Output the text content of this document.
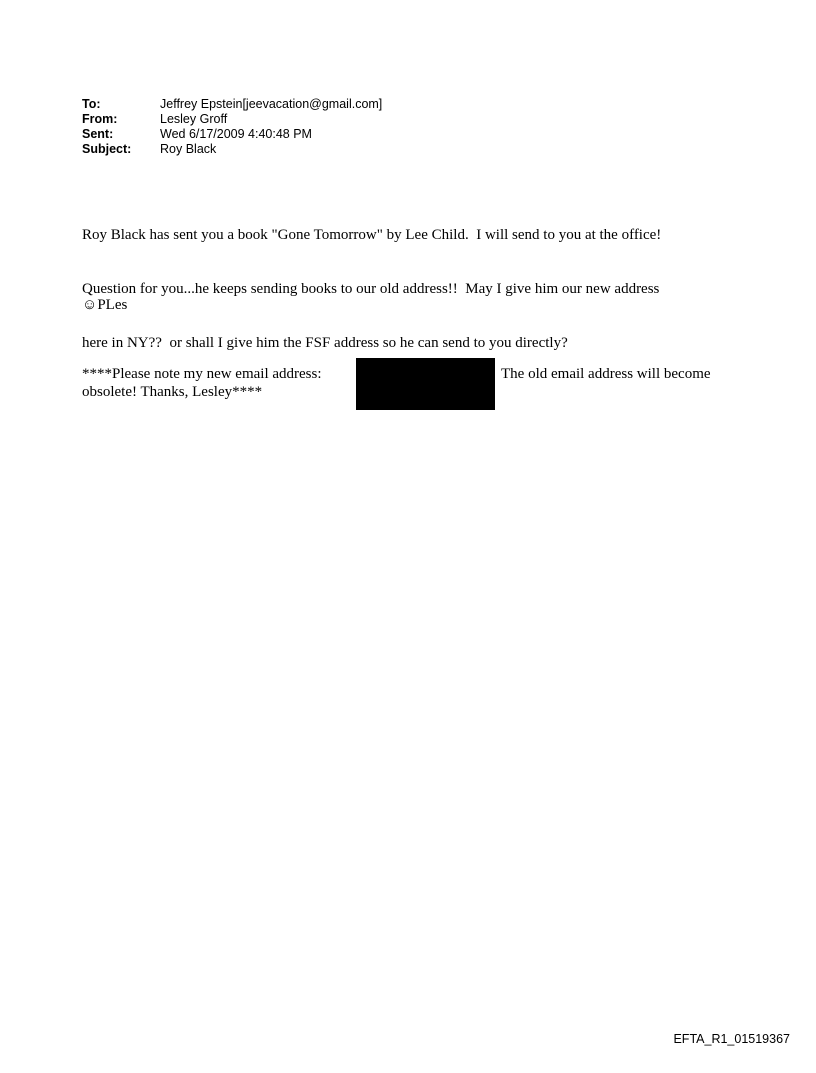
To:	Jeffrey Epstein[jeevacation@gmail.com]
From:	Lesley Groff
Sent:	Wed 6/17/2009 4:40:48 PM
Subject:	Roy Black

Roy Black has sent you a book "Gone Tomorrow" by Lee Child.  I will send to you at the office!

Question for you...he keeps sending books to our old address!!  May I give him our new address

here in NY??  or shall I give him the FSF address so he can send to you directly?

☺PLes
****Please note my new email address:	The old email address will become
obsolete! Thanks, Lesley****
EFTA_R1_01519367
